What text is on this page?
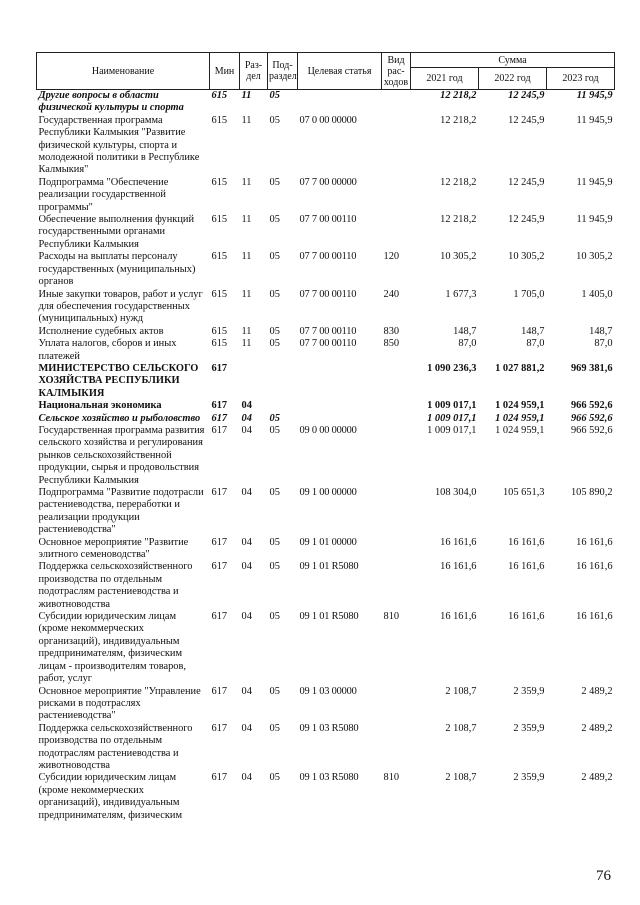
Наименование	Мин	Раз-дел	Под-раздел	Целевая статья	Вид рас-ходов	Сумма		
						2021 год	2022 год	2023 год
Другие вопросы в области физической культуры и спорта	615	11	05			12 218,2	12 245,9	11 945,9
Государственная программа Республики Калмыкия "Развитие физической культуры, спорта и молодежной политики в Республике Калмыкия"	615	11	05	07 0 00 00000		12 218,2	12 245,9	11 945,9
Подпрограмма "Обеспечение реализации государственной программы"	615	11	05	07 7 00 00000		12 218,2	12 245,9	11 945,9
Обеспечение выполнения функций государственными органами Республики Калмыкия	615	11	05	07 7 00 00110		12 218,2	12 245,9	11 945,9
Расходы на выплаты персоналу государственных (муниципальных) органов	615	11	05	07 7 00 00110	120	10 305,2	10 305,2	10 305,2
Иные закупки товаров, работ и услуг для обеспечения государственных (муниципальных) нужд	615	11	05	07 7 00 00110	240	1 677,3	1 705,0	1 405,0
Исполнение судебных актов	615	11	05	07 7 00 00110	830	148,7	148,7	148,7
Уплата налогов, сборов и иных платежей	615	11	05	07 7 00 00110	850	87,0	87,0	87,0
МИНИСТЕРСТВО СЕЛЬСКОГО ХОЗЯЙСТВА РЕСПУБЛИКИ КАЛМЫКИЯ	617					1 090 236,3	1 027 881,2	969 381,6
Национальная экономика	617	04				1 009 017,1	1 024 959,1	966 592,6
Сельское хозяйство и рыболовство	617	04	05			1 009 017,1	1 024 959,1	966 592,6
Государственная программа развития сельского хозяйства и регулирования рынков сельскохозяйственной продукции, сырья и продовольствия Республики Калмыкия	617	04	05	09 0 00 00000		1 009 017,1	1 024 959,1	966 592,6
Подпрограмма "Развитие подотрасли растениеводства, переработки и реализации продукции растениеводства"	617	04	05	09 1 00 00000		108 304,0	105 651,3	105 890,2
Основное мероприятие "Развитие элитного семеноводства"	617	04	05	09 1 01 00000		16 161,6	16 161,6	16 161,6
Поддержка сельскохозяйственного производства по отдельным подотраслям растениеводства и животноводства	617	04	05	09 1 01 R5080		16 161,6	16 161,6	16 161,6
Субсидии юридическим лицам (кроме некоммерческих организаций), индивидуальным предпринимателям, физическим лицам - производителям товаров, работ, услуг	617	04	05	09 1 01 R5080	810	16 161,6	16 161,6	16 161,6
Основное мероприятие "Управление рисками в подотраслях растениеводства"	617	04	05	09 1 03 00000		2 108,7	2 359,9	2 489,2
Поддержка сельскохозяйственного производства по отдельным подотраслям растениеводства и животноводства	617	04	05	09 1 03 R5080		2 108,7	2 359,9	2 489,2
Субсидии юридическим лицам (кроме некоммерческих организаций), индивидуальным предпринимателям, физическим	617	04	05	09 1 03 R5080	810	2 108,7	2 359,9	2 489,2
76
